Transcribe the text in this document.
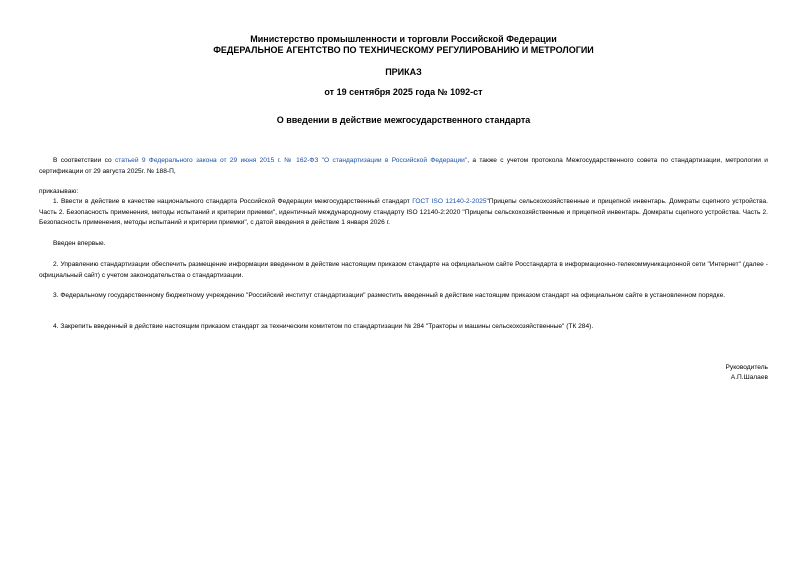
Министерство промышленности и торговли Российской Федерации
ФЕДЕРАЛЬНОЕ АГЕНТСТВО ПО ТЕХНИЧЕСКОМУ РЕГУЛИРОВАНИЮ И МЕТРОЛОГИИ
ПРИКАЗ
от 19 сентября 2025 года № 1092-ст
О введении в действие межгосударственного стандарта
В соответствии со статьей 9 Федерального закона от 29 июня 2015 г. № 162-ФЗ "О стандартизации в Российской Федерации", а также с учетом протокола Межгосударственного совета по стандартизации, метрологии и сертификации от 29 августа 2025г. № 188-П,
приказываю:
1. Ввести в действие в качестве национального стандарта Российской Федерации межгосударственный стандарт ГОСТ ISO 12140-2-2025"Прицепы сельскохозяйственные и прицепной инвентарь. Домкраты сцепного устройства. Часть 2. Безопасность применения, методы испытаний и критерии приемки", идентичный международному стандарту ISO 12140-2:2020 "Прицепы сельскохозяйственные и прицепной инвентарь. Домкраты сцепного устройства. Часть 2. Безопасность применения, методы испытаний и критерии приемки", с датой введения в действие 1 января 2026 г.
Введен впервые.
2. Управлению стандартизации обеспечить размещение информации введенном в действие настоящим приказом стандарте на официальном сайте Росстандарта в информационно-телекоммуникационной сети "Интернет" (далее - официальный сайт) с учетом законодательства о стандартизации.
3. Федеральному государственному бюджетному учреждению "Российский институт стандартизации" разместить введенный в действие настоящим приказом стандарт на официальном сайте в установленном порядке.
4. Закрепить введенный в действие настоящим приказом стандарт за техническим комитетом по стандартизации № 284 "Тракторы и машины сельскохозяйственные" (ТК 284).
Руководитель
А.П.Шалаев
